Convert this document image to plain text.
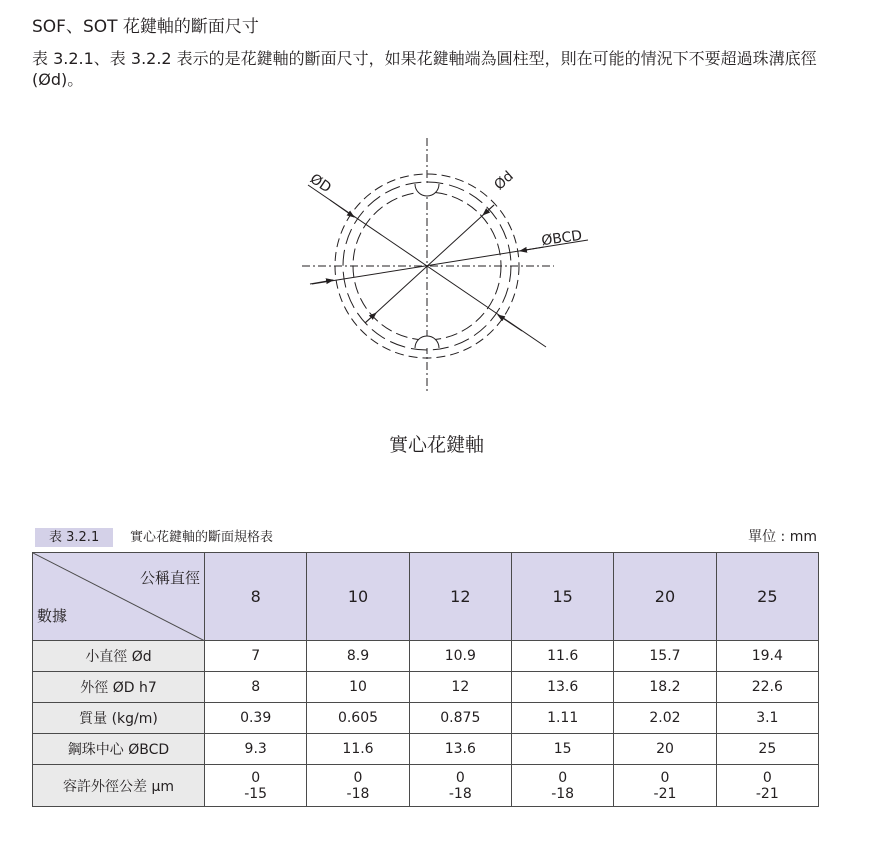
SOF、SOT 花鍵軸的斷面尺寸

表 3.2.1、表 3.2.2 表示的是花鍵軸的斷面尺寸，如果花鍵軸端為圓柱型，則在可能的情況下不要超過珠溝底徑 (Ød)。

ØD	Ød
ØBCD
實心花鍵軸
表 3.2.1	實心花鍵軸的斷面規格表	單位 : mm
公稱直徑
數據	8	10	12	15	20	25
小直徑 Ød	7	8.9	10.9	11.6	15.7	19.4
外徑 ØD h7	8	10	12	13.6	18.2	22.6
質量 (kg/m)	0.39	0.605	0.875	1.11	2.02	3.1
鋼珠中心 ØBCD	9.3	11.6	13.6	15	20	25
容許外徑公差 µm	0
-15	0
-18	0
-18	0
-18	0
-21	0
-21
